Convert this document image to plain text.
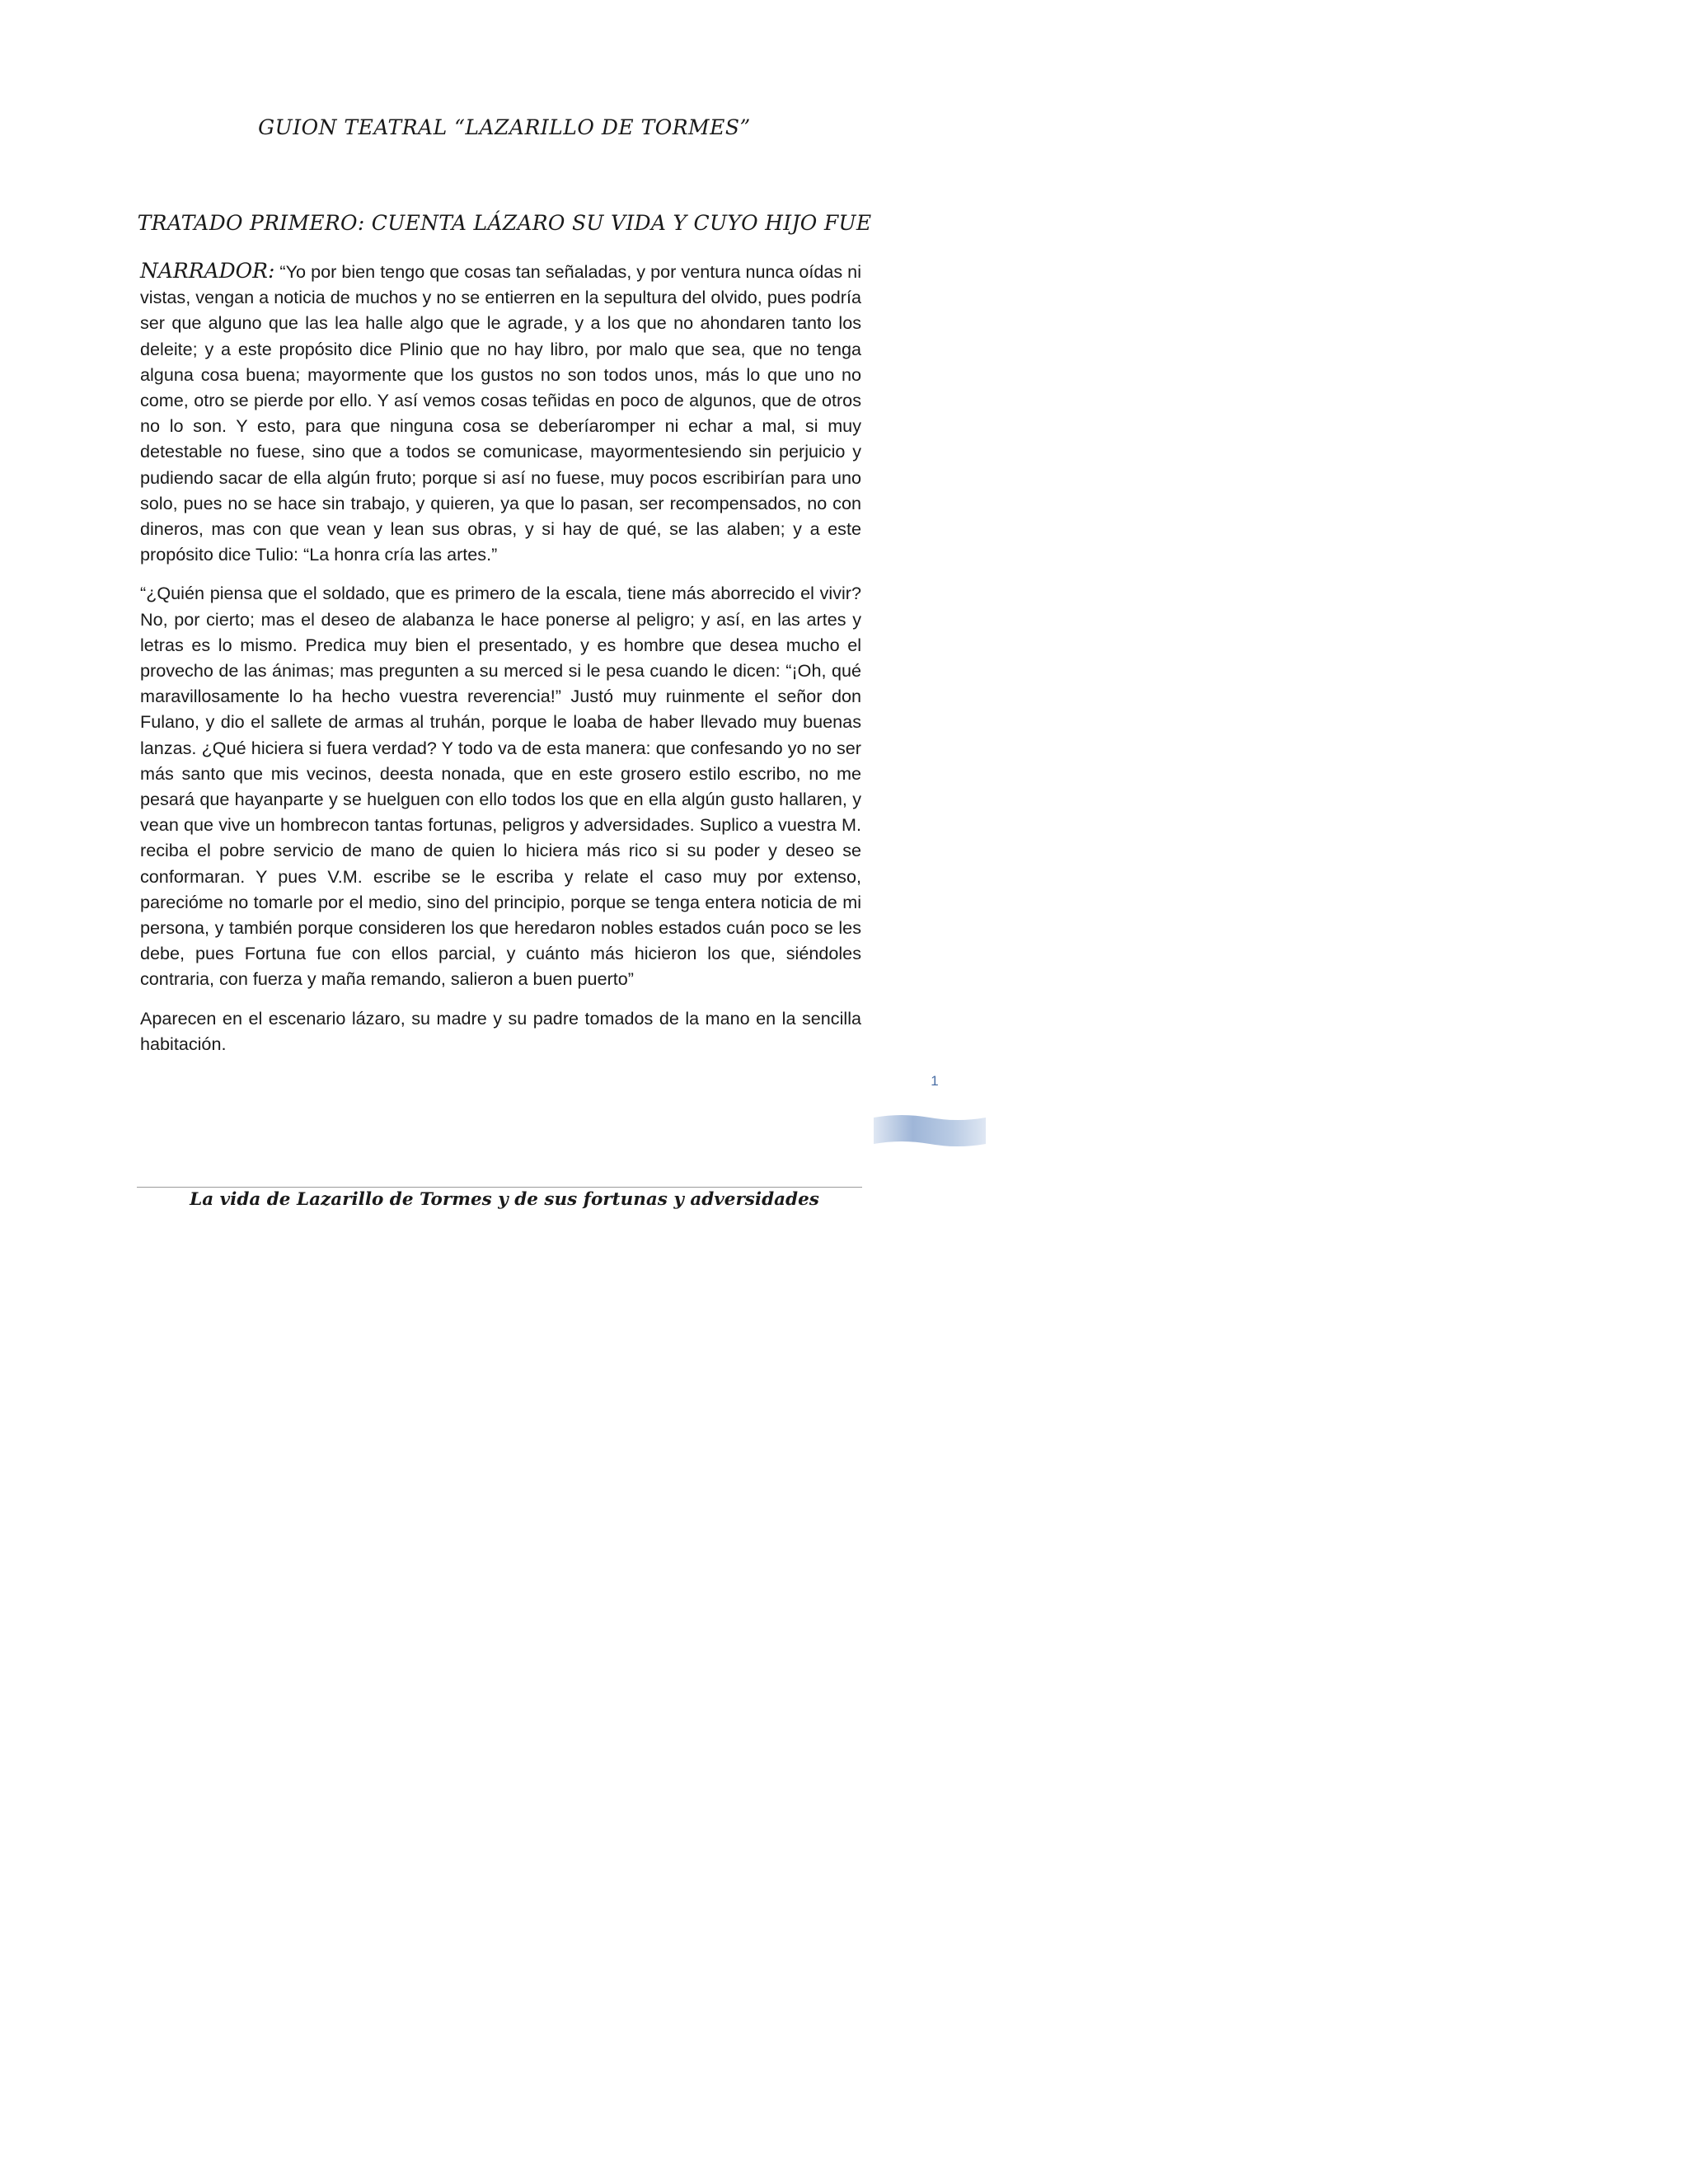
GUION TEATRAL “LAZARILLO DE TORMES”
TRATADO PRIMERO: CUENTA LÁZARO SU VIDA Y CUYO HIJO FUE

NARRADOR: “Yo por bien tengo que cosas tan señaladas, y por ventura nunca oídas ni vistas, vengan a noticia de muchos y no se entierren en la sepultura del olvido, pues podría ser que alguno que las lea halle algo que le agrade, y a los que no ahondaren tanto los deleite; y a este propósito dice Plinio que no hay libro, por malo que sea, que no tenga alguna cosa buena; mayormente que los gustos no son todos unos, más lo que uno no come, otro se pierde por ello. Y así vemos cosas teñidas en poco de algunos, que de otros no lo son. Y esto, para que ninguna cosa se deberíaromper ni echar a mal, si muy detestable no fuese, sino que a todos se comunicase, mayormentesiendo sin perjuicio y pudiendo sacar de ella algún fruto; porque si así no fuese, muy pocos escribirían para uno solo, pues no se hace sin trabajo, y quieren, ya que lo pasan, ser recompensados, no con dineros, mas con que vean y lean sus obras, y si hay de qué, se las alaben; y a este propósito dice Tulio: “La honra cría las artes.”

“¿Quién piensa que el soldado, que es primero de la escala, tiene más aborrecido el vivir? No, por cierto; mas el deseo de alabanza le hace ponerse al peligro; y así, en las artes y letras es lo mismo. Predica muy bien el presentado, y es hombre que desea mucho el provecho de las ánimas; mas pregunten a su merced si le pesa cuando le dicen: “¡Oh, qué maravillosamente lo ha hecho vuestra reverencia!” Justó muy ruinmente el señor don Fulano, y dio el sallete de armas al truhán, porque le loaba de haber llevado muy buenas lanzas. ¿Qué hiciera si fuera verdad? Y todo va de esta manera: que confesando yo no ser más santo que mis vecinos, deesta nonada, que en este grosero estilo escribo, no me pesará que hayanparte y se huelguen con ello todos los que en ella algún gusto hallaren, y vean que vive un hombrecon tantas fortunas, peligros y adversidades. Suplico a vuestra M. reciba el pobre servicio de mano de quien lo hiciera más rico si su poder y deseo se conformaran. Y pues V.M. escribe se le escriba y relate el caso muy por extenso, parecióme no tomarle por el medio, sino del principio, porque se tenga entera noticia de mi persona, y también porque consideren los que heredaron nobles estados cuán poco se les debe, pues Fortuna fue con ellos parcial, y cuánto más hicieron los que, siéndoles contraria, con fuerza y maña remando, salieron a buen puerto”

Aparecen en el escenario lázaro, su madre y su padre tomados de la mano en la sencilla habitación.

1
La vida de Lazarillo de Tormes y de sus fortunas y adversidades
